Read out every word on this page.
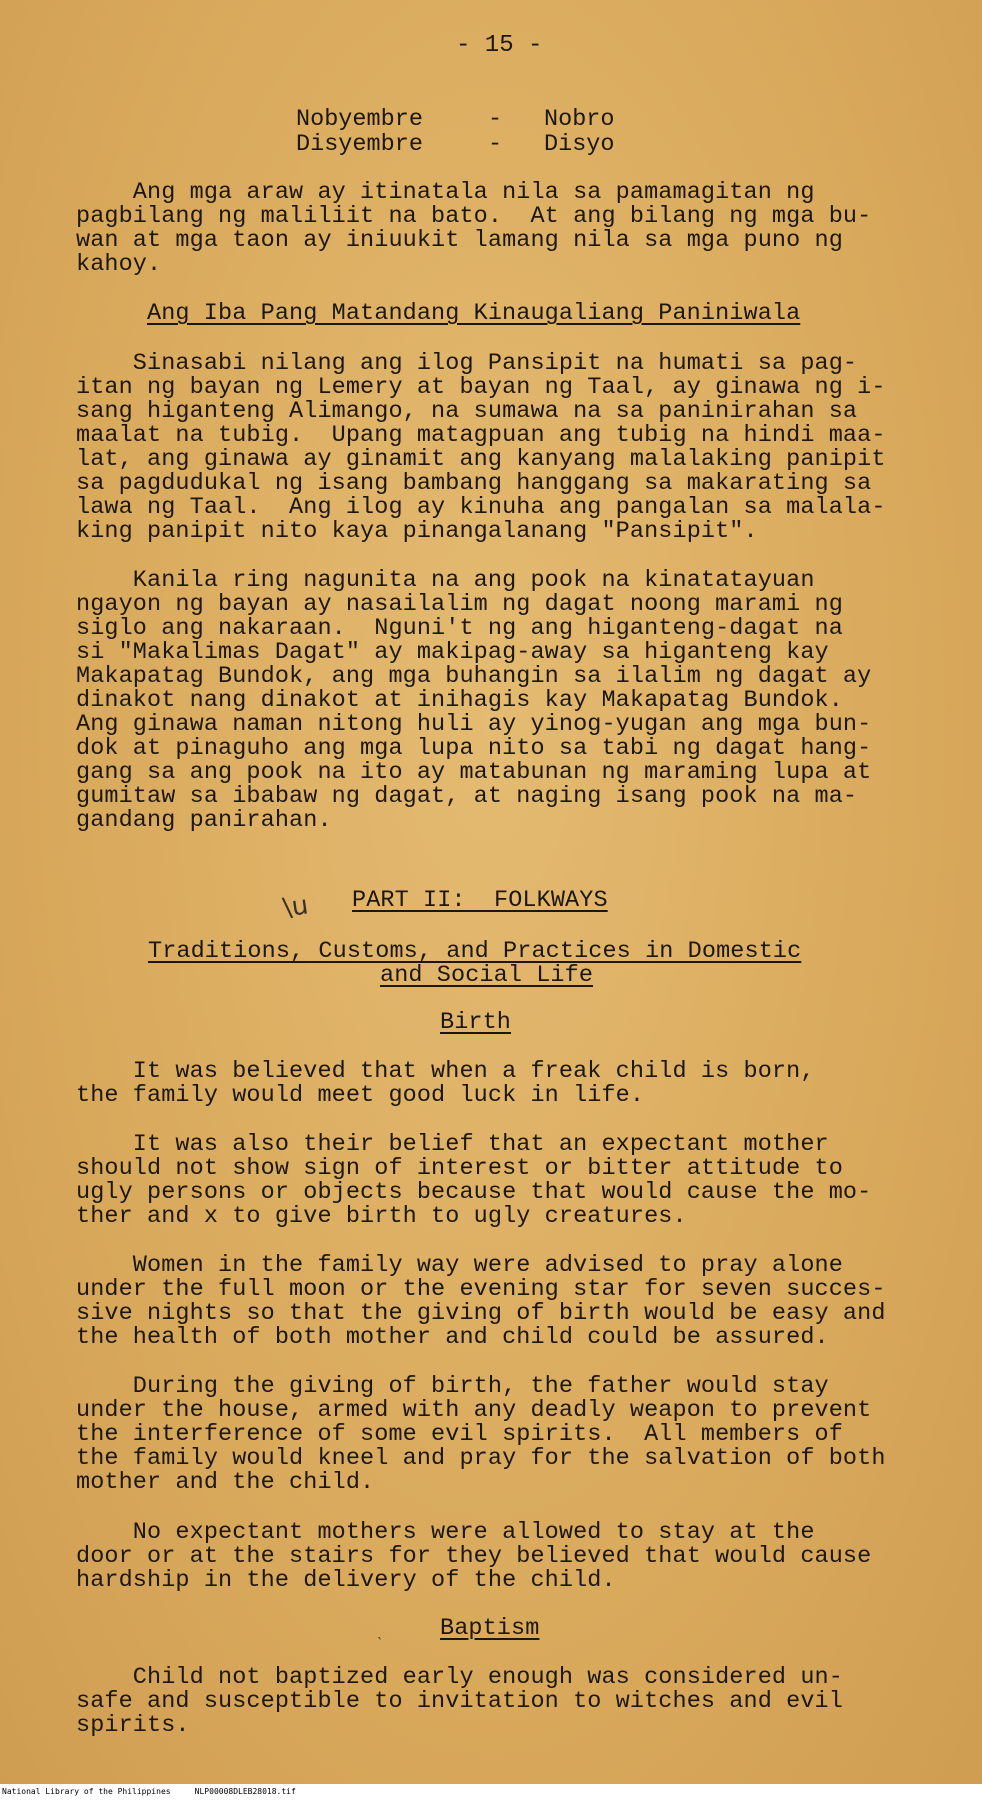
- 15 -
Nobyembre	- Nobro
Disyembre	- Disyo

Ang mga araw ay itinatala nila sa pamamagitan ng

pagbilang ng maliliit na bato.  At ang bilang ng mga bu-

wan at mga taon ay iniuukit lamang nila sa mga puno ng

kahoy.

Ang Iba Pang Matandang Kinaugaliang Paniniwala

Sinasabi nilang ang ilog Pansipit na humati sa pag-

itan ng bayan ng Lemery at bayan ng Taal, ay ginawa ng i-

sang higanteng Alimango, na sumawa na sa paninirahan sa

maalat na tubig.  Upang matagpuan ang tubig na hindi maa-

lat, ang ginawa ay ginamit ang kanyang malalaking panipit

sa pagdudukal ng isang bambang hanggang sa makarating sa

lawa ng Taal.  Ang ilog ay kinuha ang pangalan sa malala-

king panipit nito kaya pinangalanang "Pansipit".

Kanila ring nagunita na ang pook na kinatatayuan

ngayon ng bayan ay nasailalim ng dagat noong marami ng

siglo ang nakaraan.  Nguni't ng ang higanteng-dagat na

si "Makalimas Dagat" ay makipag-away sa higanteng kay

Makapatag Bundok, ang mga buhangin sa ilalim ng dagat ay

dinakot nang dinakot at inihagis kay Makapatag Bundok.

Ang ginawa naman nitong huli ay yinog-yugan ang mga bun-

dok at pinaguho ang mga lupa nito sa tabi ng dagat hang-

gang sa ang pook na ito ay matabunan ng maraming lupa at

gumitaw sa ibabaw ng dagat, at naging isang pook na ma-

gandang panirahan.

\u PART II:  FOLKWAYS

Traditions, Customs, and Practices in Domestic

and Social Life

Birth

It was believed that when a freak child is born,

the family would meet good luck in life.

It was also their belief that an expectant mother

should not show sign of interest or bitter attitude to

ugly persons or objects because that would cause the mo-

ther and x to give birth to ugly creatures.

Women in the family way were advised to pray alone

under the full moon or the evening star for seven succes-

sive nights so that the giving of birth would be easy and

the health of both mother and child could be assured.

During the giving of birth, the father would stay

under the house, armed with any deadly weapon to prevent

the interference of some evil spirits.  All members of

the family would kneel and pray for the salvation of both

mother and the child.

No expectant mothers were allowed to stay at the

door or at the stairs for they believed that would cause

hardship in the delivery of the child.

ˎ Baptism

Child not baptized early enough was considered un-

safe and susceptible to invitation to witches and evil

spirits.

National Library of the Philippines	NLP00008DLEB28018.tif
